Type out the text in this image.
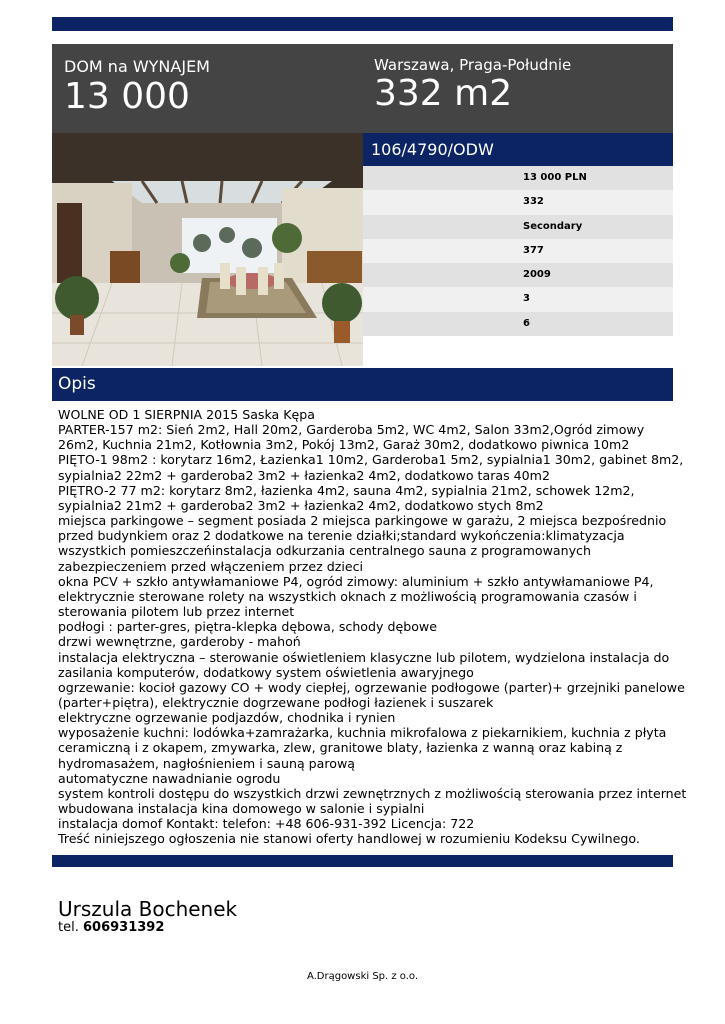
DOM na WYNAJEM
13 000
Warszawa, Praga-Południe
332 m2
106/4790/ODW
13 000 PLN
332
Secondary
377
2009
3
6
Opis
WOLNE OD 1 SIERPNIA 2015 Saska Kępa
PARTER-157 m2: Sień 2m2, Hall 20m2, Garderoba 5m2, WC 4m2, Salon 33m2,Ogród zimowy
26m2, Kuchnia 21m2, Kotłownia 3m2, Pokój 13m2, Garaż 30m2, dodatkowo piwnica 10m2
PIĘTO-1 98m2 : korytarz 16m2, Łazienka1 10m2, Garderoba1 5m2, sypialnia1 30m2, gabinet 8m2,
sypialnia2 22m2 + garderoba2 3m2 + łazienka2 4m2, dodatkowo taras 40m2
PIĘTRO-2 77 m2: korytarz 8m2, łazienka 4m2, sauna 4m2, sypialnia 21m2, schowek 12m2,
sypialnia2 21m2 + garderoba2 3m2 + łazienka2 4m2, dodatkowo stych 8m2
miejsca parkingowe – segment posiada 2 miejsca parkingowe w garażu, 2 miejsca bezpośrednio
przed budynkiem oraz 2 dodatkowe na terenie działki;standard wykończenia:klimatyzacja
wszystkich pomieszczeńinstalacja odkurzania centralnego sauna z programowanych
zabezpieczeniem przed włączeniem przez dzieci
okna PCV + szkło antywłamaniowe P4, ogród zimowy: aluminium + szkło antywłamaniowe P4,
elektrycznie sterowane rolety na wszystkich oknach z możliwością programowania czasów i
sterowania pilotem lub przez internet
podłogi : parter-gres, piętra-klepka dębowa, schody dębowe
drzwi wewnętrzne, garderoby - mahoń
instalacja elektryczna – sterowanie oświetleniem klasyczne lub pilotem, wydzielona instalacja do
zasilania komputerów, dodatkowy system oświetlenia awaryjnego
ogrzewanie: kocioł gazowy CO + wody ciepłej, ogrzewanie podłogowe (parter)+ grzejniki panelowe
(parter+piętra), elektrycznie dogrzewane podłogi łazienek i suszarek
elektryczne ogrzewanie podjazdów, chodnika i rynien
wyposażenie kuchni: lodówka+zamrażarka, kuchnia mikrofalowa z piekarnikiem, kuchnia z płyta
ceramiczną i z okapem, zmywarka, zlew, granitowe blaty, łazienka z wanną oraz kabiną z
hydromasażem, nagłośnieniem i sauną parową
automatyczne nawadnianie ogrodu
system kontroli dostępu do wszystkich drzwi zewnętrznych z możliwością sterowania przez internet
wbudowana instalacja kina domowego w salonie i sypialni
instalacja domof Kontakt: telefon: +48 606-931-392 Licencja: 722
Treść niniejszego ogłoszenia nie stanowi oferty handlowej w rozumieniu Kodeksu Cywilnego.
Urszula Bochenek
tel. 606931392
A.Drągowski Sp. z o.o.
